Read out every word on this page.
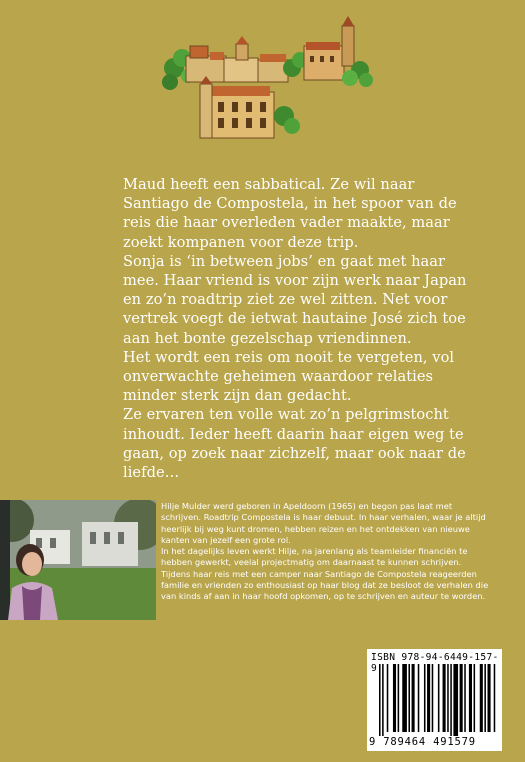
Maud heeft een sabbatical. Ze wil naar Santiago de Compostela, in het spoor van de reis die haar overleden vader maakte, maar zoekt kompanen voor deze trip.

Sonja is ‘in between jobs’ en gaat met haar mee. Haar vriend is voor zijn werk naar Japan en zo’n roadtrip ziet ze wel zitten. Net voor vertrek voegt de ietwat hautaine José zich toe aan het bonte gezelschap vriendinnen.

Het wordt een reis om nooit te vergeten, vol onverwachte geheimen waardoor relaties minder sterk zijn dan gedacht.

Ze ervaren ten volle wat zo’n pelgrimstocht inhoudt. Ieder heeft daarin haar eigen weg te gaan, op zoek naar zichzelf, maar ook naar de liefde…

Hilje Mulder werd geboren in Apeldoorn (1965) en begon pas laat met schrijven. Roadtrip Compostela is haar debuut. In haar verhalen, waar je altijd heerlijk bij weg kunt dromen, hebben reizen en het ontdekken van nieuwe kanten van jezelf een grote rol.

In het dagelijks leven werkt Hilje, na jarenlang als teamleider financiën te hebben gewerkt, veelal projectmatig om daarnaast te kunnen schrijven.

Tijdens haar reis met een camper naar Santiago de Compostela reageerden familie en vrienden zo enthousiast op haar blog dat ze besloot de verhalen die van kinds af aan in haar hoofd opkomen, op te schrijven en auteur te worden.

ISBN 978-94-6449-157-9
9 789464 491579
